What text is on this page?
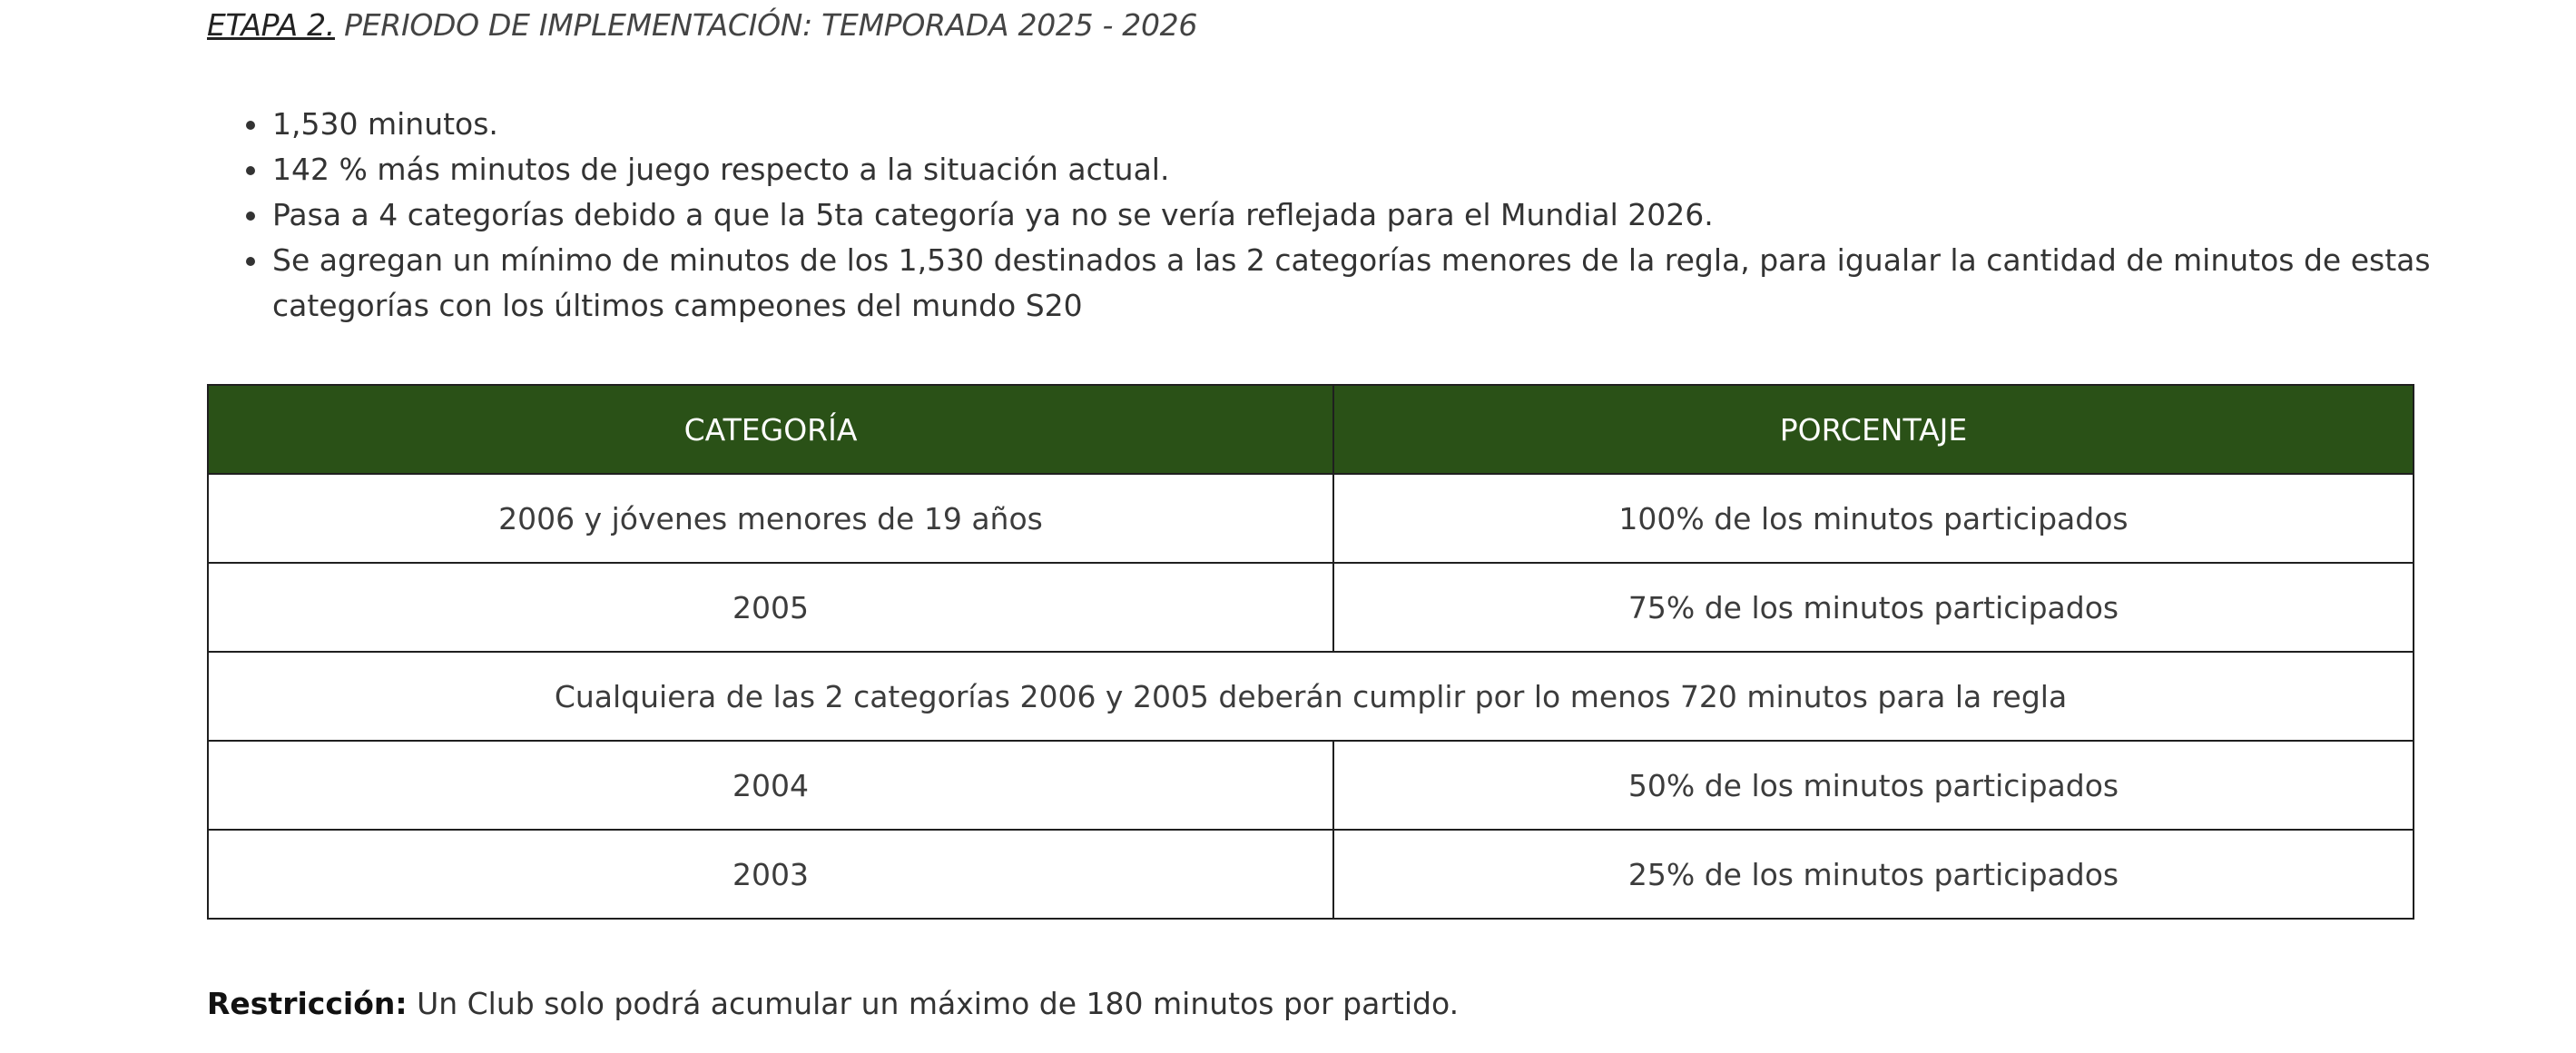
ETAPA 2. PERIODO DE IMPLEMENTACIÓN: TEMPORADA 2025 - 2026
• 1,530 minutos.
• 142 % más minutos de juego respecto a la situación actual.
• Pasa a 4 categorías debido a que la 5ta categoría ya no se vería reflejada para el Mundial 2026.
• Se agregan un mínimo de minutos de los 1,530 destinados a las 2 categorías menores de la regla, para igualar la cantidad de minutos de estas categorías con los últimos campeones del mundo S20
CATEGORÍA	PORCENTAJE
2006 y jóvenes menores de 19 años	100% de los minutos participados
2005	75% de los minutos participados
Cualquiera de las 2 categorías 2006 y 2005 deberán cumplir por lo menos 720 minutos para la regla	
2004	50% de los minutos participados
2003	25% de los minutos participados
Restricción: Un Club solo podrá acumular un máximo de 180 minutos por partido.
